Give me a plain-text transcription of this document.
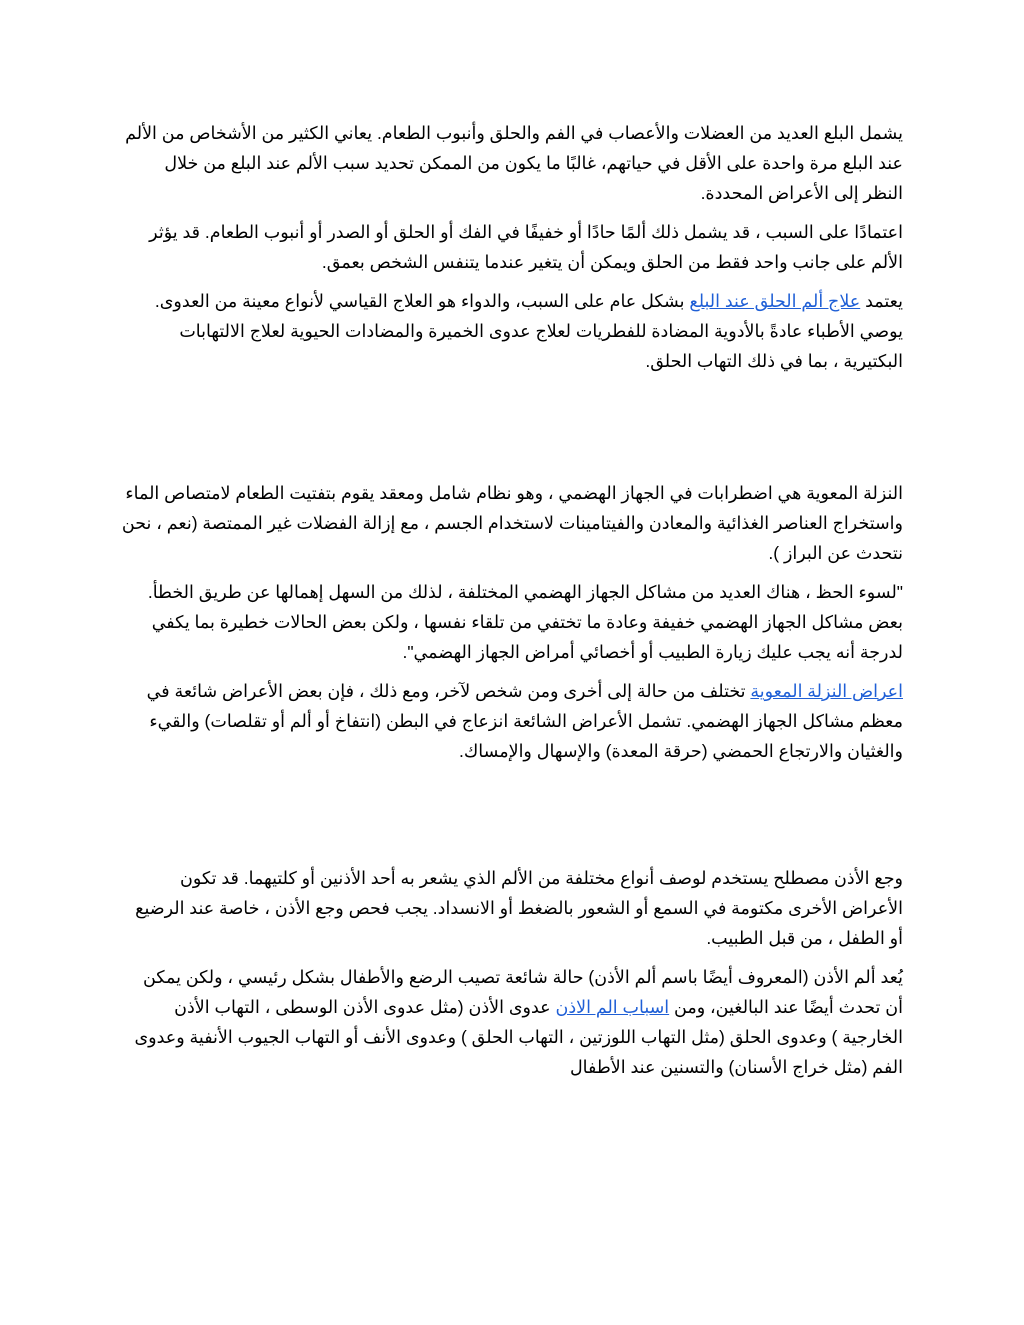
يشمل البلع العديد من العضلات والأعصاب في الفم والحلق وأنبوب الطعام. يعاني الكثير من الأشخاص من الألم عند البلع مرة واحدة على الأقل في حياتهم، غالبًا ما يكون من الممكن تحديد سبب الألم عند البلع من خلال النظر إلى الأعراض المحددة.

اعتمادًا على السبب ، قد يشمل ذلك ألمًا حادًا أو خفيفًا في الفك أو الحلق أو الصدر أو أنبوب الطعام. قد يؤثر الألم على جانب واحد فقط من الحلق ويمكن أن يتغير عندما يتنفس الشخص بعمق.

يعتمد علاج ألم الحلق عند البلع بشكل عام على السبب، والدواء هو العلاج القياسي لأنواع معينة من العدوى. يوصي الأطباء عادةً بالأدوية المضادة للفطريات لعلاج عدوى الخميرة والمضادات الحيوية لعلاج الالتهابات البكتيرية ، بما في ذلك التهاب الحلق.

النزلة المعوية هي اضطرابات في الجهاز الهضمي ، وهو نظام شامل ومعقد يقوم بتفتيت الطعام لامتصاص الماء واستخراج العناصر الغذائية والمعادن والفيتامينات لاستخدام الجسم ، مع إزالة الفضلات غير الممتصة (نعم ، نحن نتحدث عن البراز ).

"لسوء الحظ ، هناك العديد من مشاكل الجهاز الهضمي المختلفة ، لذلك من السهل إهمالها عن طريق الخطأ. بعض مشاكل الجهاز الهضمي خفيفة وعادة ما تختفي من تلقاء نفسها ، ولكن بعض الحالات خطيرة بما يكفي لدرجة أنه يجب عليك زيارة الطبيب أو أخصائي أمراض الجهاز الهضمي".

اعراض النزلة المعوية تختلف من حالة إلى أخرى ومن شخص لآخر، ومع ذلك ، فإن بعض الأعراض شائعة في معظم مشاكل الجهاز الهضمي. تشمل الأعراض الشائعة انزعاج في البطن (انتفاخ أو ألم أو تقلصات) والقيء والغثيان والارتجاع الحمضي (حرقة المعدة) والإسهال والإمساك.

وجع الأذن مصطلح يستخدم لوصف أنواع مختلفة من الألم الذي يشعر به أحد الأذنين أو كلتيهما. قد تكون الأعراض الأخرى مكتومة في السمع أو الشعور بالضغط أو الانسداد. يجب فحص وجع الأذن ، خاصة عند الرضيع أو الطفل ، من قبل الطبيب.

يُعد ألم الأذن (المعروف أيضًا باسم ألم الأذن) حالة شائعة تصيب الرضع والأطفال بشكل رئيسي ، ولكن يمكن أن تحدث أيضًا عند البالغين، ومن اسباب الم الاذن عدوى الأذن (مثل عدوى الأذن الوسطى ، التهاب الأذن الخارجية ) وعدوى الحلق (مثل التهاب اللوزتين ، التهاب الحلق ) وعدوى الأنف أو التهاب الجيوب الأنفية وعدوى الفم (مثل خراج الأسنان) والتسنين عند الأطفال
